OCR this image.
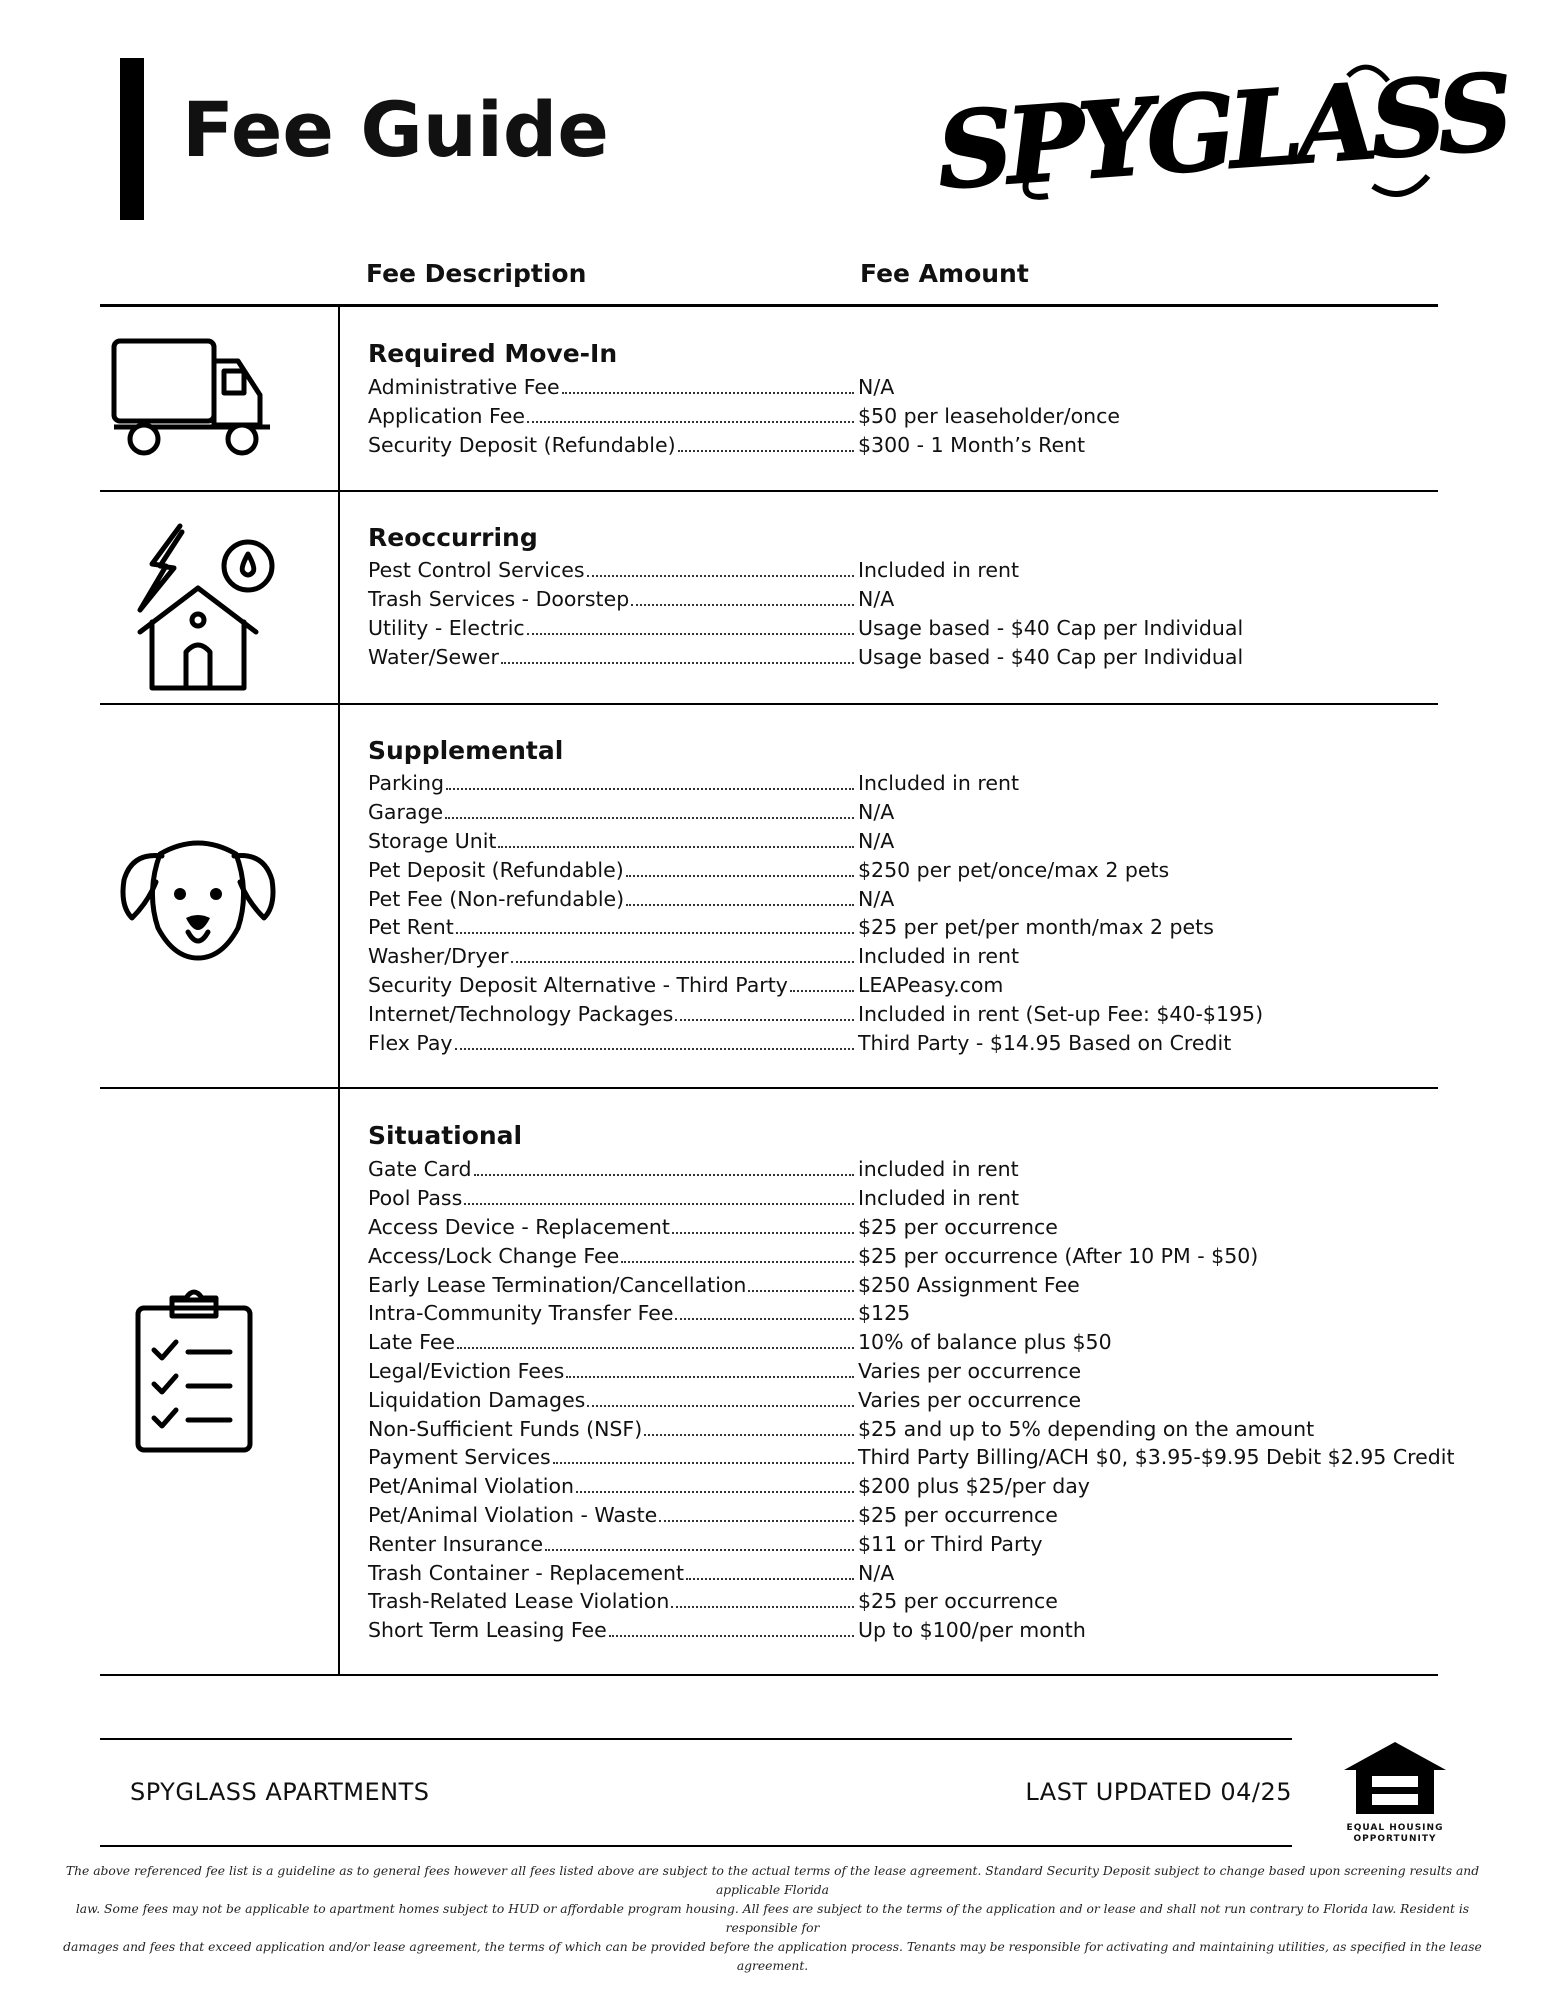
Fee Guide	SPYGLASS
Fee Description	Fee Amount
Required Move-In
Administrative Fee	N/A
Application Fee	$50 per leaseholder/once
Security Deposit (Refundable)	$300 - 1 Month’s Rent
Reoccurring
Pest Control Services	Included in rent
Trash Services - Doorstep	N/A
Utility - Electric	Usage based - $40 Cap per Individual
Water/Sewer	Usage based - $40 Cap per Individual
Supplemental
Parking	Included in rent
Garage	N/A
Storage Unit	N/A
Pet Deposit (Refundable)	$250 per pet/once/max 2 pets
Pet Fee (Non-refundable)	N/A
Pet Rent	$25 per pet/per month/max 2 pets
Washer/Dryer	Included in rent
Security Deposit Alternative - Third Party	LEAPeasy.com
Internet/Technology Packages	Included in rent (Set-up Fee: $40-$195)
Flex Pay	Third Party - $14.95 Based on Credit
Situational
Gate Card	included in rent
Pool Pass	Included in rent
Access Device - Replacement	$25 per occurrence
Access/Lock Change Fee	$25 per occurrence (After 10 PM - $50)
Early Lease Termination/Cancellation	$250 Assignment Fee
Intra-Community Transfer Fee	$125
Late Fee	10% of balance plus $50
Legal/Eviction Fees	Varies per occurrence
Liquidation Damages	Varies per occurrence
Non-Sufficient Funds (NSF)	$25 and up to 5% depending on the amount
Payment Services	Third Party Billing/ACH $0, $3.95-$9.95 Debit $2.95 Credit
Pet/Animal Violation	$200 plus $25/per day
Pet/Animal Violation - Waste	$25 per occurrence
Renter Insurance	$11 or Third Party
Trash Container - Replacement	N/A
Trash-Related Lease Violation	$25 per occurrence
Short Term Leasing Fee	Up to $100/per month
SPYGLASS APARTMENTS	LAST UPDATED 04/25
EQUAL HOUSING
OPPORTUNITY
The above referenced fee list is a guideline as to general fees however all fees listed above are subject to the actual terms of the lease agreement. Standard Security Deposit subject to change based upon screening results and applicable Florida
law. Some fees may not be applicable to apartment homes subject to HUD or affordable program housing. All fees are subject to the terms of the application and or lease and shall not run contrary to Florida law. Resident is responsible for
damages and fees that exceed application and/or lease agreement, the terms of which can be provided before the application process. Tenants may be responsible for activating and maintaining utilities, as specified in the lease agreement.
